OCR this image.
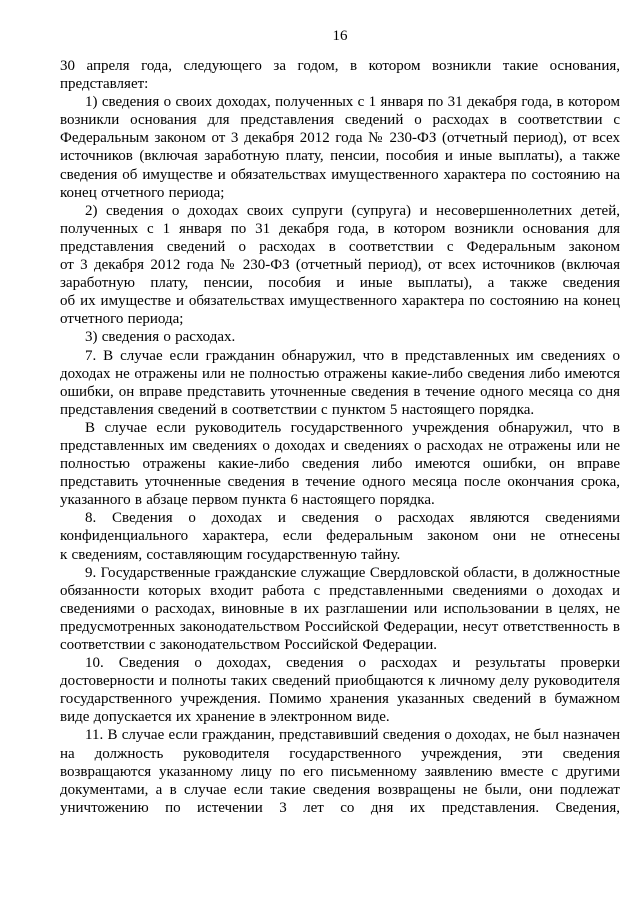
16

30 апреля года, следующего за годом, в котором возникли такие основания, представляет:

1) сведения о своих доходах, полученных с 1 января по 31 декабря года, в котором возникли основания для представления сведений о расходах в соответствии с Федеральным законом от 3 декабря 2012 года № 230-ФЗ (отчетный период), от всех источников (включая заработную плату, пенсии, пособия и иные выплаты), а также сведения об имуществе и обязательствах имущественного характера по состоянию на конец отчетного периода;

2) сведения о доходах своих супруги (супруга) и несовершеннолетних детей, полученных с 1 января по 31 декабря года, в котором возникли основания для представления сведений о расходах в соответствии с Федеральным законом от 3 декабря 2012 года № 230-ФЗ (отчетный период), от всех источников (включая заработную плату, пенсии, пособия и иные выплаты), а также сведения об их имуществе и обязательствах имущественного характера по состоянию на конец отчетного периода;

3) сведения о расходах.

7. В случае если гражданин обнаружил, что в представленных им сведениях о доходах не отражены или не полностью отражены какие-либо сведения либо имеются ошибки, он вправе представить уточненные сведения в течение одного месяца со дня представления сведений в соответствии с пунктом 5 настоящего порядка.

В случае если руководитель государственного учреждения обнаружил, что в представленных им сведениях о доходах и сведениях о расходах не отражены или не полностью отражены какие-либо сведения либо имеются ошибки, он вправе представить уточненные сведения в течение одного месяца после окончания срока, указанного в абзаце первом пункта 6 настоящего порядка.

8. Сведения о доходах и сведения о расходах являются сведениями конфиденциального характера, если федеральным законом они не отнесены к сведениям, составляющим государственную тайну.

9. Государственные гражданские служащие Свердловской области, в должностные обязанности которых входит работа с представленными сведениями о доходах и сведениями о расходах, виновные в их разглашении или использовании в целях, не предусмотренных законодательством Российской Федерации, несут ответственность в соответствии с законодательством Российской Федерации.

10. Сведения о доходах, сведения о расходах и результаты проверки достоверности и полноты таких сведений приобщаются к личному делу руководителя государственного учреждения. Помимо хранения указанных сведений в бумажном виде допускается их хранение в электронном виде.

11. В случае если гражданин, представивший сведения о доходах, не был назначен на должность руководителя государственного учреждения, эти сведения возвращаются указанному лицу по его письменному заявлению вместе с другими документами, а в случае если такие сведения возвращены не были, они подлежат уничтожению по истечении 3 лет со дня их представления. Сведения,
